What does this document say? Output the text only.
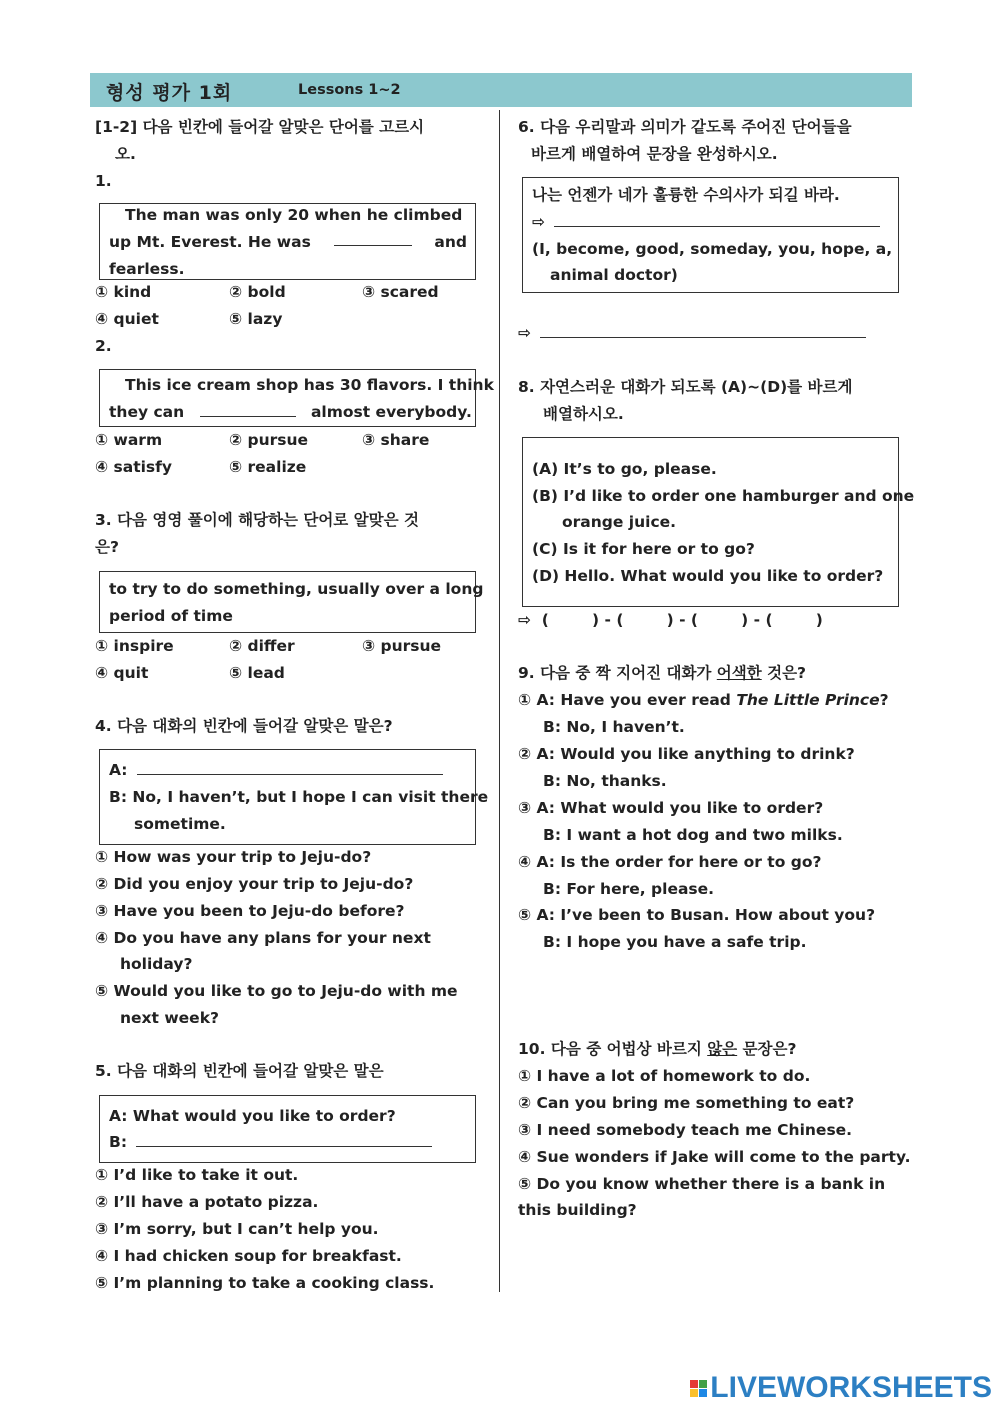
형성 평가 1회	Lessons 1~2
[1-2] 다음 빈칸에 들어갈 알맞은 단어를 고르시
오.
1.
The man was only 20 when he climbed
up Mt. Everest. He was	and
fearless.
① kind	② bold	③ scared
④ quiet	⑤ lazy
2.
This ice cream shop has 30 flavors. I think
they can	almost everybody.
① warm	② pursue	③ share
④ satisfy	⑤ realize
3. 다음 영영 풀이에 해당하는 단어로 알맞은 것
은?
to try to do something, usually over a long
period of time
① inspire	② differ	③ pursue
④ quit	⑤ lead
4. 다음 대화의 빈칸에 들어갈 알맞은 말은?
A:
B: No, I haven’t, but I hope I can visit there
sometime.
① How was your trip to Jeju-do?
② Did you enjoy your trip to Jeju-do?
③ Have you been to Jeju-do before?
④ Do you have any plans for your next
holiday?
⑤ Would you like to go to Jeju-do with me
next week?
5. 다음 대화의 빈칸에 들어갈 알맞은 말은
A: What would you like to order?
B:
① I’d like to take it out.
② I’ll have a potato pizza.
③ I’m sorry, but I can’t help you.
④ I had chicken soup for breakfast.
⑤ I’m planning to take a cooking class.
6. 다음 우리말과 의미가 같도록 주어진 단어들을
바르게 배열하여 문장을 완성하시오.
나는 언젠가 네가 훌륭한 수의사가 되길 바라.
⇨
(I, become, good, someday, you, hope, a,
animal doctor)
⇨
8. 자연스러운 대화가 되도록 (A)~(D)를 바르게
배열하시오.
(A) It’s to go, please.
(B) I’d like to order one hamburger and one
orange juice.
(C) Is it for here or to go?
(D) Hello. What would you like to order?
⇨  (        ) - (        ) - (        ) - (        )
9. 다음 중 짝 지어진 대화가 어색한 것은?
① A: Have you ever read The Little Prince?
B: No, I haven’t.
② A: Would you like anything to drink?
B: No, thanks.
③ A: What would you like to order?
B: I want a hot dog and two milks.
④ A: Is the order for here or to go?
B: For here, please.
⑤ A: I’ve been to Busan. How about you?
B: I hope you have a safe trip.
10. 다음 중 어법상 바르지 않은 문장은?
① I have a lot of homework to do.
② Can you bring me something to eat?
③ I need somebody teach me Chinese.
④ Sue wonders if Jake will come to the party.
⑤ Do you know whether there is a bank in
this building?
LIVEWORKSHEETS
